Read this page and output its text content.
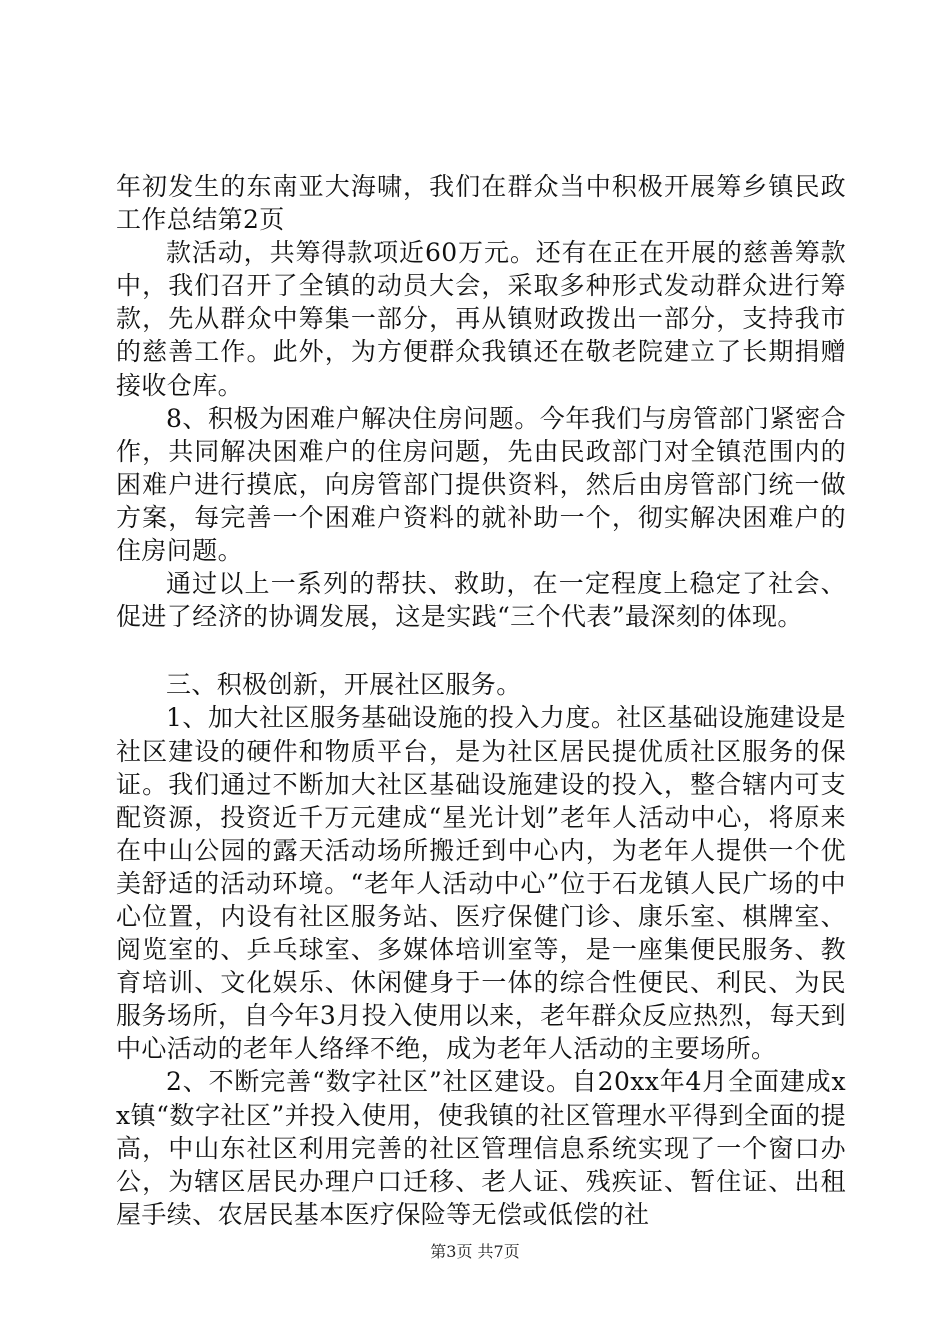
年初发生的东南亚大海啸，我们在群众当中积极开展筹乡镇民政工作总结第2页

款活动，共筹得款项近60万元。还有在正在开展的慈善筹款中，我们召开了全镇的动员大会，采取多种形式发动群众进行筹款，先从群众中筹集一部分，再从镇财政拨出一部分，支持我市的慈善工作。此外，为方便群众我镇还在敬老院建立了长期捐赠接收仓库。

8、积极为困难户解决住房问题。今年我们与房管部门紧密合作，共同解决困难户的住房问题，先由民政部门对全镇范围内的困难户进行摸底，向房管部门提供资料，然后由房管部门统一做方案，每完善一个困难户资料的就补助一个，彻实解决困难户的住房问题。

通过以上一系列的帮扶、救助，在一定程度上稳定了社会、促进了经济的协调发展，这是实践“三个代表”最深刻的体现。

三、积极创新，开展社区服务。

1、加大社区服务基础设施的投入力度。社区基础设施建设是社区建设的硬件和物质平台，是为社区居民提优质社区服务的保证。我们通过不断加大社区基础设施建设的投入，整合辖内可支配资源，投资近千万元建成“星光计划”老年人活动中心，将原来在中山公园的露天活动场所搬迁到中心内，为老年人提供一个优美舒适的活动环境。“老年人活动中心”位于石龙镇人民广场的中心位置，内设有社区服务站、医疗保健门诊、康乐室、棋牌室、阅览室的、乒乓球室、多媒体培训室等，是一座集便民服务、教育培训、文化娱乐、休闲健身于一体的综合性便民、利民、为民服务场所，自今年3月投入使用以来，老年群众反应热烈，每天到中心活动的老年人络绎不绝，成为老年人活动的主要场所。

2、不断完善“数字社区”社区建设。自20xx年4月全面建成xx镇“数字社区”并投入使用，使我镇的社区管理水平得到全面的提高，中山东社区利用完善的社区管理信息系统实现了一个窗口办公，为辖区居民办理户口迁移、老人证、残疾证、暂住证、出租屋手续、农居民基本医疗保险等无偿或低偿的社

第3页 共7页
